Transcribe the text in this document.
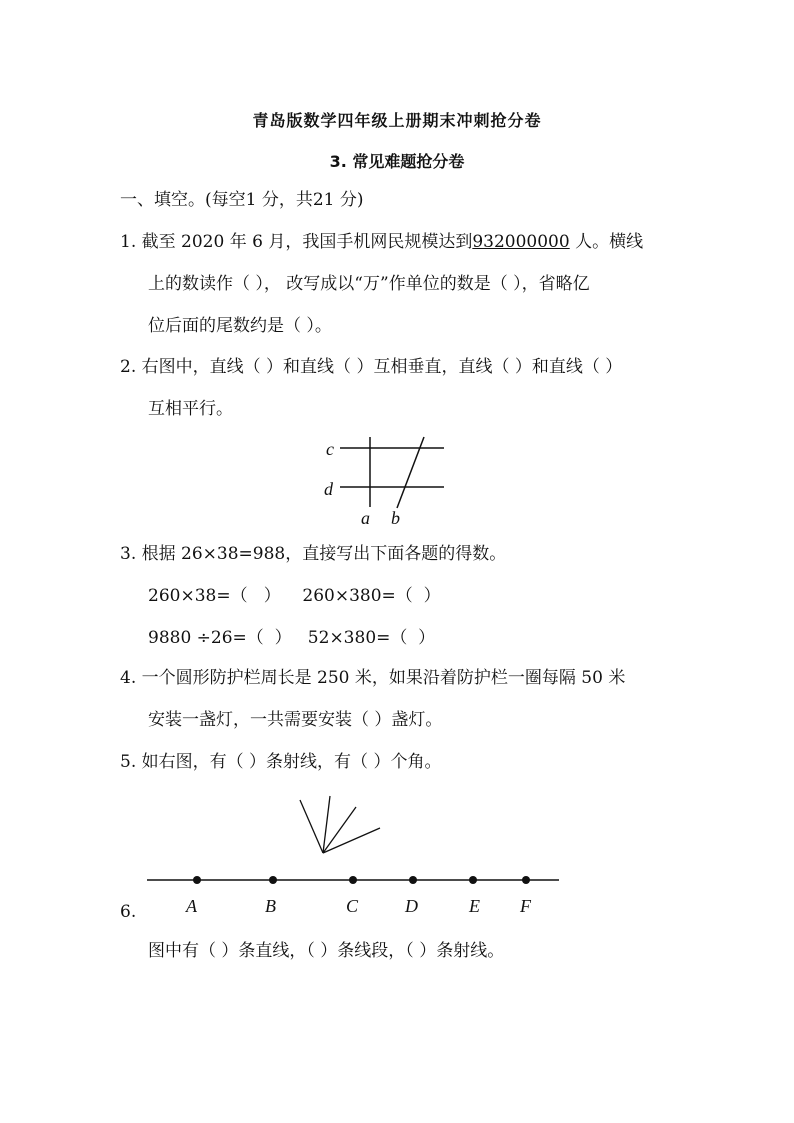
青岛版数学四年级上册期末冲刺抢分卷
3. 常见难题抢分卷
一、填空。(每空1 分，共21 分)
1. 截至 2020 年 6 月，我国手机网民规模达到932000000 人。横线
上的数读作（ ）， 改写成以“万”作单位的数是（ ），省略亿
位后面的尾数约是（ ）。
2. 右图中，直线（ ）和直线（ ）互相垂直，直线（ ）和直线（ ）
互相平行。
c
d
a b
A	B	C	D	E F
3. 根据 26×38=988，直接写出下面各题的得数。
260×38=（   ）    260×380=（  ）
9880 ÷26=（  ）   52×380=（  ）
4. 一个圆形防护栏周长是 250 米，如果沿着防护栏一圈每隔 50 米
安装一盏灯，一共需要安装（ ）盏灯。
5. 如右图，有（ ）条射线，有（ ）个角。
6.
图中有（ ）条直线，（ ）条线段，（ ）条射线。
